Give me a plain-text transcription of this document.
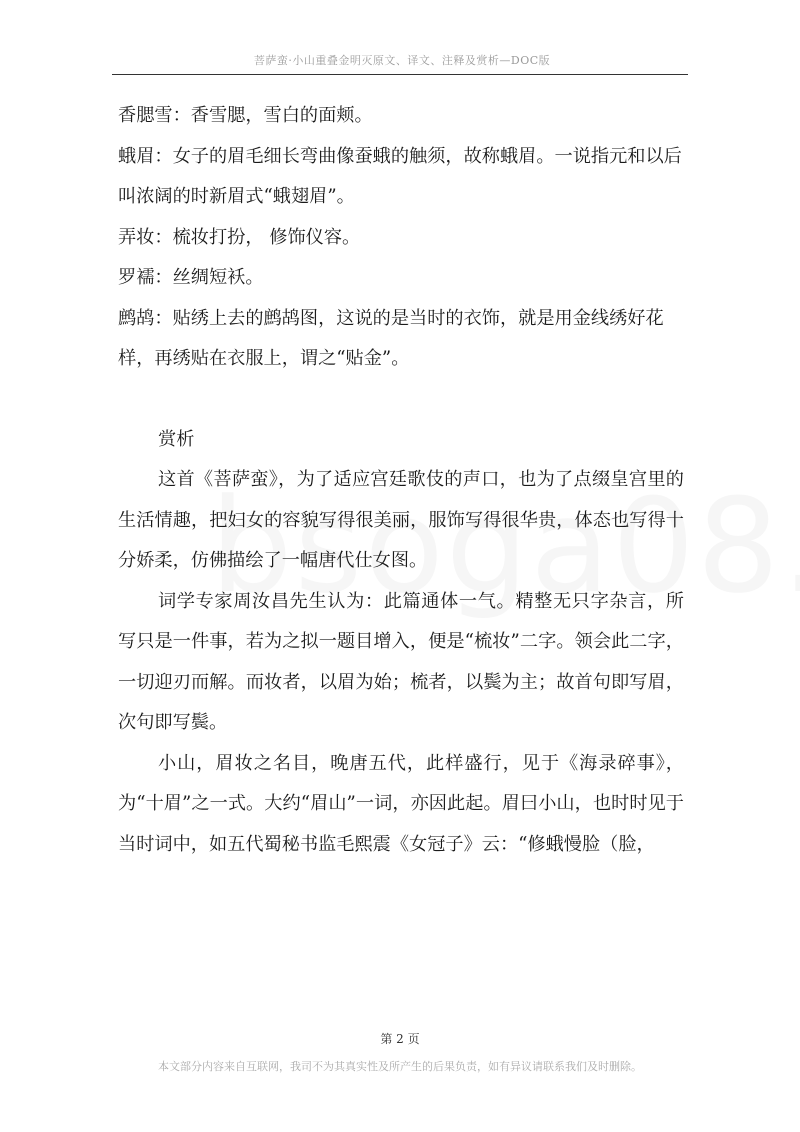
菩萨蛮·小山重叠金明灭原文、译文、注释及赏析—DOC版

香腮雪：香雪腮，雪白的面颊。

蛾眉：女子的眉毛细长弯曲像蚕蛾的触须，故称蛾眉。一说指元和以后叫浓阔的时新眉式“蛾翅眉”。

弄妆：梳妆打扮， 修饰仪容。

罗襦：丝绸短袄。

鹧鸪：贴绣上去的鹧鸪图，这说的是当时的衣饰，就是用金线绣好花样，再绣贴在衣服上，谓之“贴金”。

赏析

这首《菩萨蛮》，为了适应宫廷歌伎的声口，也为了点缀皇宫里的生活情趣，把妇女的容貌写得很美丽，服饰写得很华贵，体态也写得十分娇柔，仿佛描绘了一幅唐代仕女图。

词学专家周汝昌先生认为：此篇通体一气。精整无只字杂言，所写只是一件事，若为之拟一题目增入，便是“梳妆”二字。领会此二字，一切迎刃而解。而妆者，以眉为始；梳者，以鬓为主；故首句即写眉，次句即写鬓。

小山，眉妆之名目，晚唐五代，此样盛行，见于《海录碎事》，为“十眉”之一式。大约“眉山”一词，亦因此起。眉曰小山，也时时见于当时词中，如五代蜀秘书监毛熙震《女冠子》云：“修蛾慢脸（脸，

第 2 页
本文部分内容来自互联网，我司不为其真实性及所产生的后果负责，如有异议请联系我们及时删除。
